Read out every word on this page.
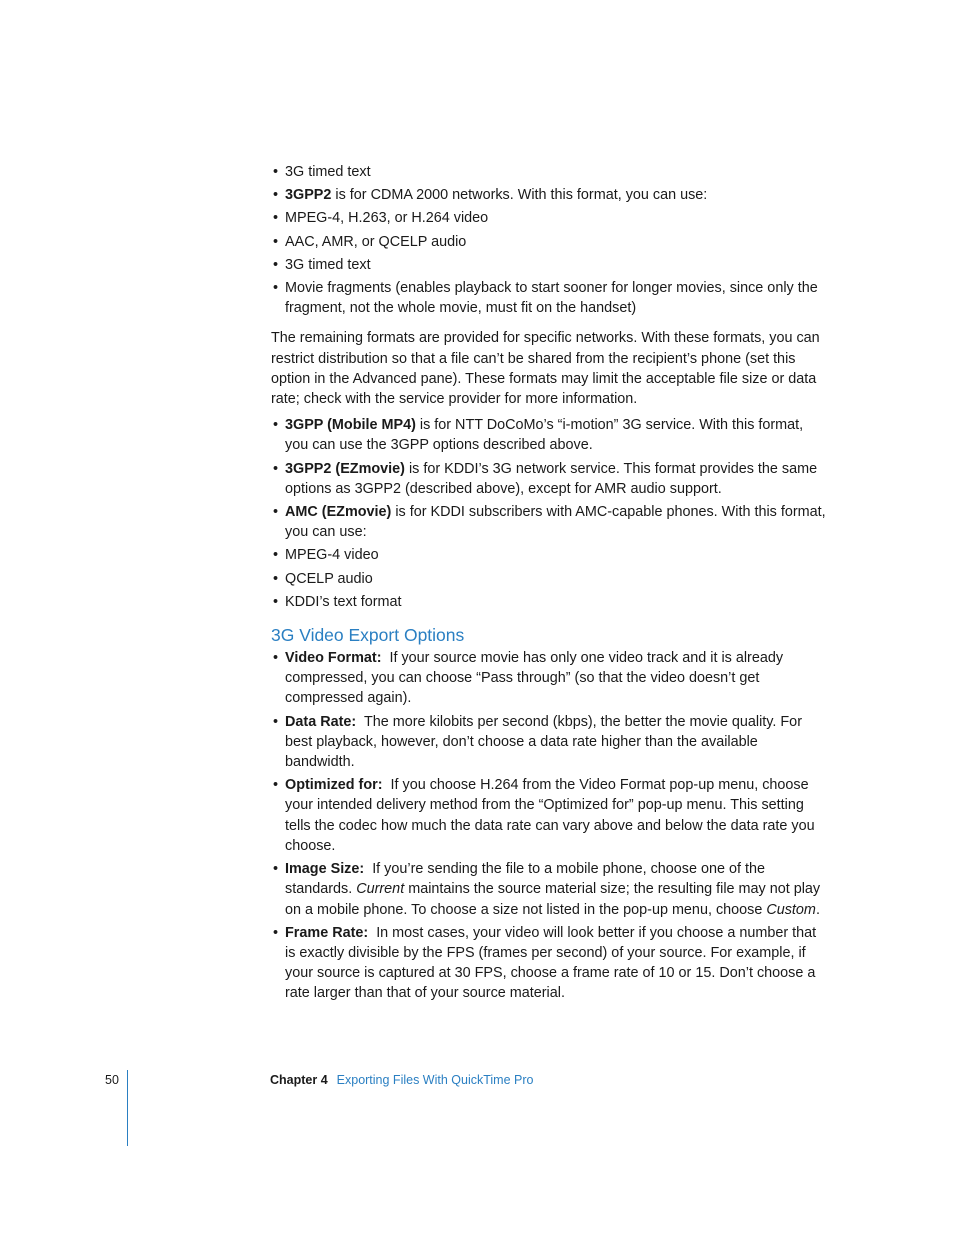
• 3G timed text
• 3GPP2 is for CDMA 2000 networks. With this format, you can use:
• MPEG-4, H.263, or H.264 video
• AAC, AMR, or QCELP audio
• 3G timed text
• Movie fragments (enables playback to start sooner for longer movies, since only the fragment, not the whole movie, must fit on the handset)

The remaining formats are provided for specific networks. With these formats, you can restrict distribution so that a file can’t be shared from the recipient’s phone (set this option in the Advanced pane). These formats may limit the acceptable file size or data rate; check with the service provider for more information.

• 3GPP (Mobile MP4) is for NTT DoCoMo’s “i-motion” 3G service. With this format, you can use the 3GPP options described above.
• 3GPP2 (EZmovie) is for KDDI’s 3G network service. This format provides the same options as 3GPP2 (described above), except for AMR audio support.
• AMC (EZmovie) is for KDDI subscribers with AMC-capable phones. With this format, you can use:
• MPEG-4 video
• QCELP audio
• KDDI’s text format
3G Video Export Options
• Video Format: If your source movie has only one video track and it is already compressed, you can choose “Pass through” (so that the video doesn’t get compressed again).
• Data Rate: The more kilobits per second (kbps), the better the movie quality. For best playback, however, don’t choose a data rate higher than the available bandwidth.
• Optimized for: If you choose H.264 from the Video Format pop-up menu, choose your intended delivery method from the “Optimized for” pop-up menu. This setting tells the codec how much the data rate can vary above and below the data rate you choose.
• Image Size: If you’re sending the file to a mobile phone, choose one of the standards. Current maintains the source material size; the resulting file may not play on a mobile phone. To choose a size not listed in the pop-up menu, choose Custom.
• Frame Rate: In most cases, your video will look better if you choose a number that is exactly divisible by the FPS (frames per second) of your source. For example, if your source is captured at 30 FPS, choose a frame rate of 10 or 15. Don’t choose a rate larger than that of your source material.
50	Chapter 4 Exporting Files With QuickTime Pro
